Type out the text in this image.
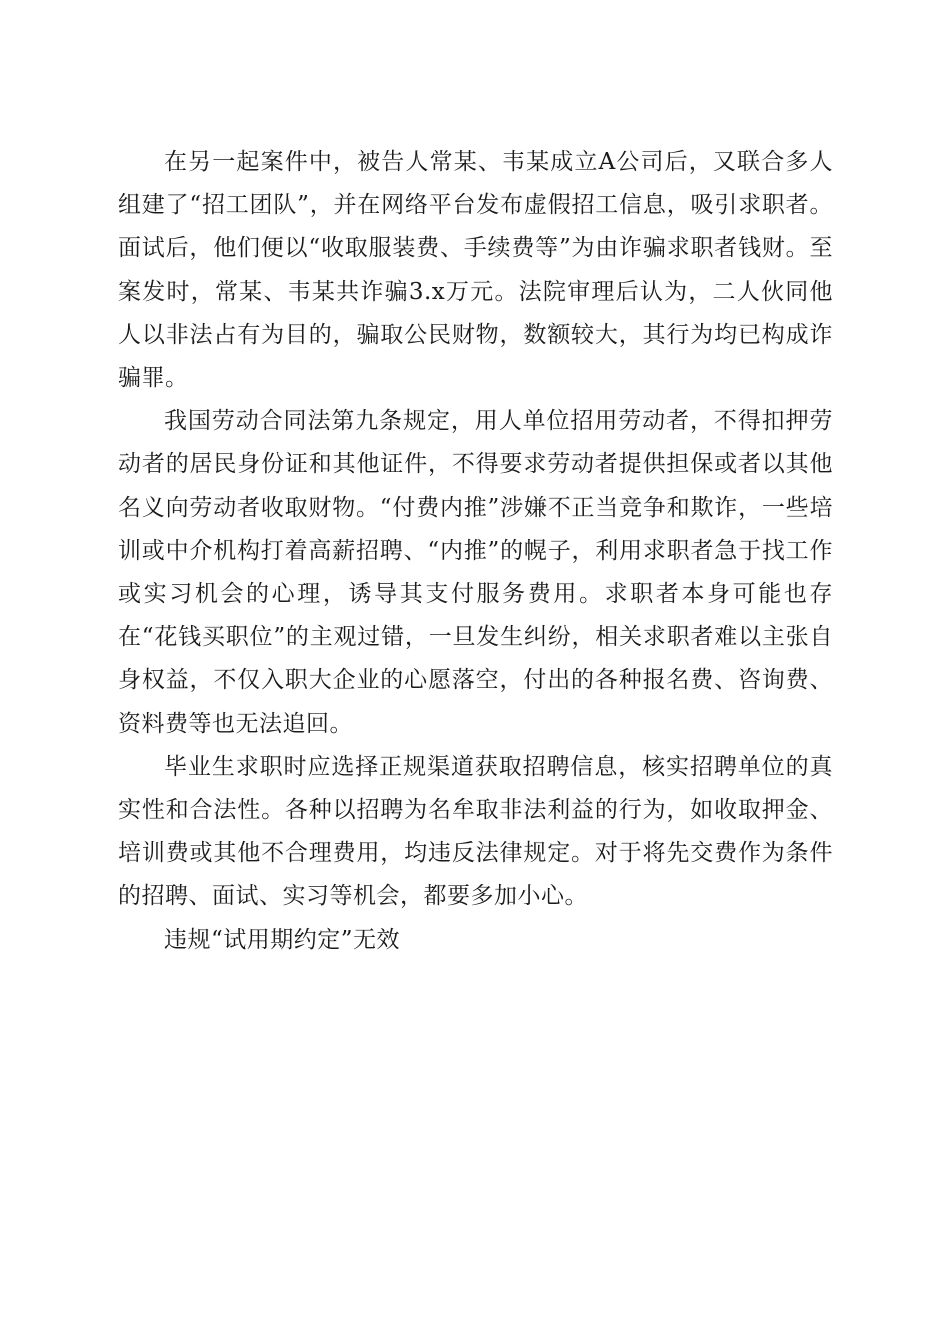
在另一起案件中，被告人常某、韦某成立A公司后，又联合多人组建了“招工团队”，并在网络平台发布虚假招工信息，吸引求职者。面试后，他们便以“收取服装费、手续费等”为由诈骗求职者钱财。至案发时，常某、韦某共诈骗3.x万元。法院审理后认为，二人伙同他人以非法占有为目的，骗取公民财物，数额较大，其行为均已构成诈骗罪。

我国劳动合同法第九条规定，用人单位招用劳动者，不得扣押劳动者的居民身份证和其他证件，不得要求劳动者提供担保或者以其他名义向劳动者收取财物。“付费内推”涉嫌不正当竞争和欺诈，一些培训或中介机构打着高薪招聘、“内推”的幌子，利用求职者急于找工作或实习机会的心理，诱导其支付服务费用。求职者本身可能也存在“花钱买职位”的主观过错，一旦发生纠纷，相关求职者难以主张自身权益，不仅入职大企业的心愿落空，付出的各种报名费、咨询费、资料费等也无法追回。

毕业生求职时应选择正规渠道获取招聘信息，核实招聘单位的真实性和合法性。各种以招聘为名牟取非法利益的行为，如收取押金、培训费或其他不合理费用，均违反法律规定。对于将先交费作为条件的招聘、面试、实习等机会，都要多加小心。

违规“试用期约定”无效
